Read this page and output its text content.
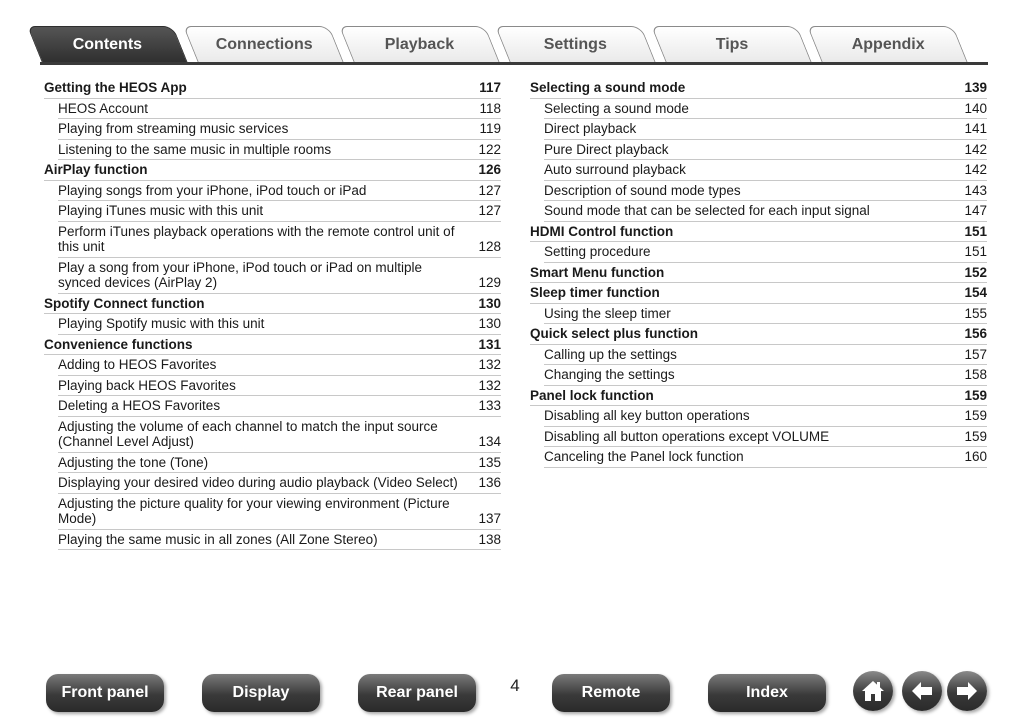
Contents	Connections	Playback	Settings	Tips	Appendix
Getting the HEOS App	117
HEOS Account	118
Playing from streaming music services	119
Listening to the same music in multiple rooms	122
AirPlay function	126
Playing songs from your iPhone, iPod touch or iPad	127
Playing iTunes music with this unit	127
Perform iTunes playback operations with the remote control unit of this unit	128
Play a song from your iPhone, iPod touch or iPad on multiple synced devices (AirPlay 2)	129
Spotify Connect function	130
Playing Spotify music with this unit	130
Convenience functions	131
Adding to HEOS Favorites	132
Playing back HEOS Favorites	132
Deleting a HEOS Favorites	133
Adjusting the volume of each channel to match the input source (Channel Level Adjust)	134
Adjusting the tone (Tone)	135
Displaying your desired video during audio playback (Video Select)	136
Adjusting the picture quality for your viewing environment (Picture Mode)	137
Playing the same music in all zones (All Zone Stereo)	138
Selecting a sound mode	139
Selecting a sound mode	140
Direct playback	141
Pure Direct playback	142
Auto surround playback	142
Description of sound mode types	143
Sound mode that can be selected for each input signal	147
HDMI Control function	151
Setting procedure	151
Smart Menu function	152
Sleep timer function	154
Using the sleep timer	155
Quick select plus function	156
Calling up the settings	157
Changing the settings	158
Panel lock function	159
Disabling all key button operations	159
Disabling all button operations except VOLUME	159
Canceling the Panel lock function	160
Front panel	Display	Rear panel	4	Remote	Index
